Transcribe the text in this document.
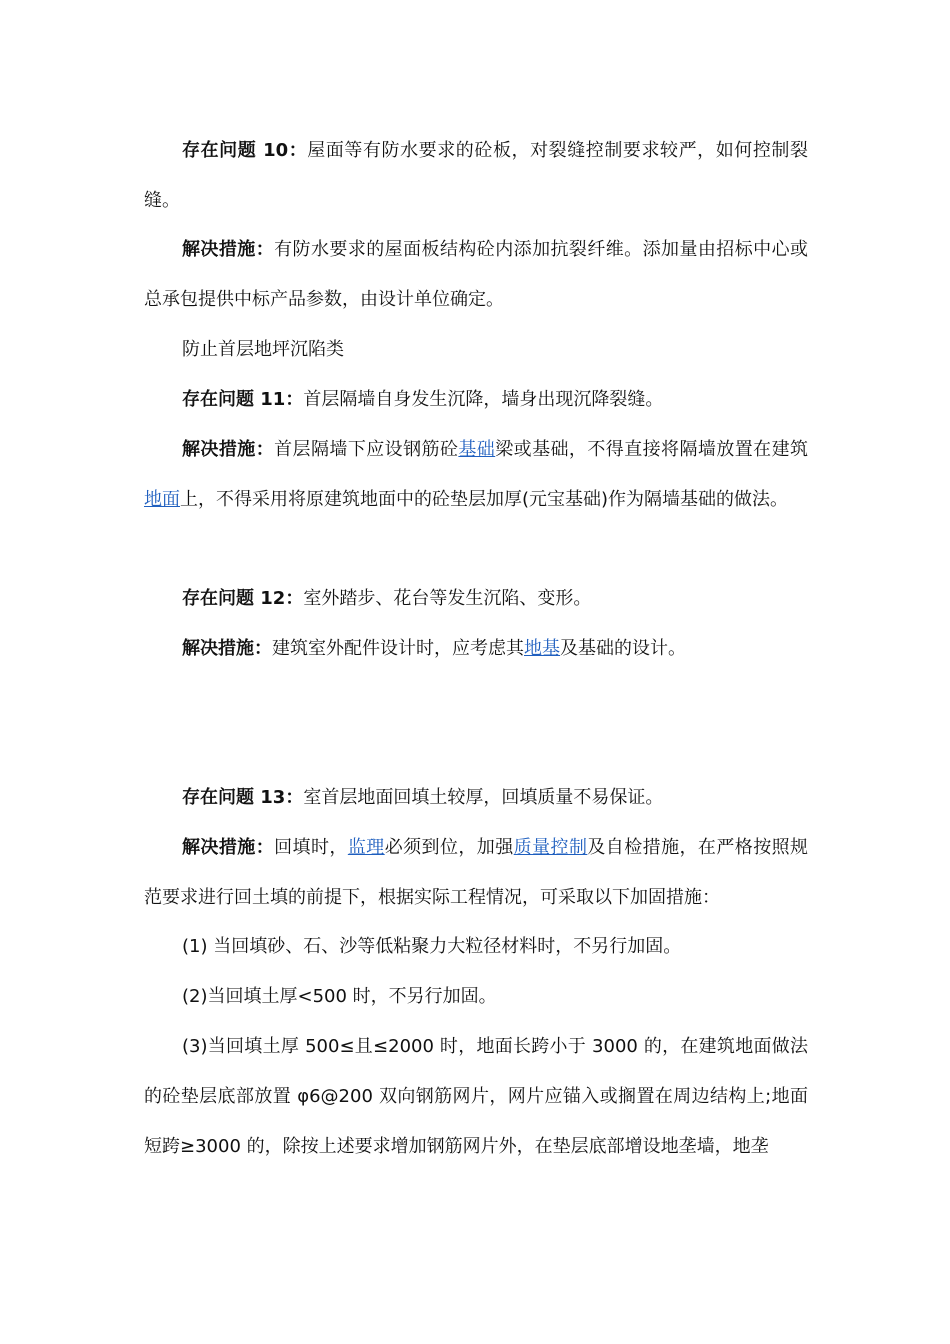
存在问题 10：屋面等有防水要求的砼板，对裂缝控制要求较严，如何控制裂缝。

解决措施：有防水要求的屋面板结构砼内添加抗裂纤维。添加量由招标中心或总承包提供中标产品参数，由设计单位确定。

防止首层地坪沉陷类

存在问题 11：首层隔墙自身发生沉降，墙身出现沉降裂缝。

解决措施：首层隔墙下应设钢筋砼基础梁或基础，不得直接将隔墙放置在建筑地面上，不得采用将原建筑地面中的砼垫层加厚(元宝基础)作为隔墙基础的做法。

存在问题 12：室外踏步、花台等发生沉陷、变形。

解决措施：建筑室外配件设计时，应考虑其地基及基础的设计。

存在问题 13：室首层地面回填土较厚，回填质量不易保证。

解决措施：回填时，监理必须到位，加强质量控制及自检措施，在严格按照规范要求进行回土填的前提下，根据实际工程情况，可采取以下加固措施：

(1) 当回填砂、石、沙等低粘聚力大粒径材料时，不另行加固。

(2)当回填土厚<500 时，不另行加固。

(3)当回填土厚 500≤且≤2000 时，地面长跨小于 3000 的，在建筑地面做法的砼垫层底部放置 φ6@200 双向钢筋网片，网片应锚入或搁置在周边结构上;地面短跨≥3000 的，除按上述要求增加钢筋网片外，在垫层底部增设地垄墙，地垄
